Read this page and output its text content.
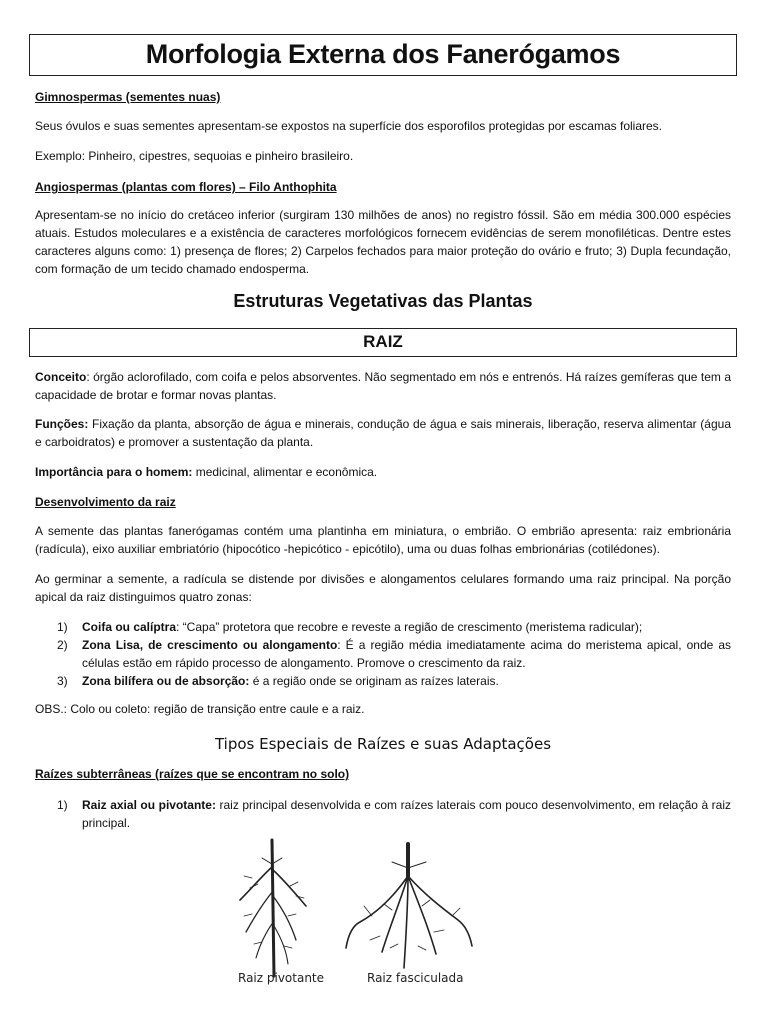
Morfologia Externa dos Fanerógamos

Gimnospermas (sementes nuas)

Seus óvulos e suas sementes apresentam-se expostos na superfície dos esporofilos protegidas por escamas foliares.

Exemplo: Pinheiro, cipestres, sequoias e pinheiro brasileiro.

Angiospermas (plantas com flores) – Filo Anthophita

Apresentam-se no início do cretáceo inferior (surgiram 130 milhões de anos) no registro fóssil. São em média 300.000 espécies atuais. Estudos moleculares e a existência de caracteres morfológicos fornecem evidências de serem monofiléticas. Dentre estes caracteres alguns como: 1) presença de flores; 2) Carpelos fechados para maior proteção do ovário e fruto; 3) Dupla fecundação, com formação de um tecido chamado endosperma.

Estruturas Vegetativas das Plantas
RAIZ

Conceito: órgão aclorofilado, com coifa e pelos absorventes. Não segmentado em nós e entrenós. Há raízes gemíferas que tem a capacidade de brotar e formar novas plantas.

Funções: Fixação da planta, absorção de água e minerais, condução de água e sais minerais, liberação, reserva alimentar (água e carboidratos) e promover a sustentação da planta.

Importância para o homem: medicinal, alimentar e econômica.

Desenvolvimento da raiz

A semente das plantas fanerógamas contém uma plantinha em miniatura, o embrião. O embrião apresenta: raiz embrionária (radícula), eixo auxiliar embriatório (hipocótico -hepicótico - epicótilo), uma ou duas folhas embrionárias (cotilédones).

Ao germinar a semente, a radícula se distende por divisões e alongamentos celulares formando uma raiz principal. Na porção apical da raiz distinguimos quatro zonas:

1) Coifa ou calíptra: “Capa” protetora que recobre e reveste a região de crescimento (meristema radicular);
2) Zona Lisa, de crescimento ou alongamento: É a região média imediatamente acima do meristema apical, onde as células estão em rápido processo de alongamento. Promove o crescimento da raiz.
3) Zona bilífera ou de absorção: é a região onde se originam as raízes laterais.

OBS.: Colo ou coleto: região de transição entre caule e a raiz.

Tipos Especiais de Raízes e suas Adaptações

Raízes subterrâneas (raízes que se encontram no solo)

1) Raiz axial ou pivotante: raiz principal desenvolvida e com raízes laterais com pouco desenvolvimento, em relação à raiz principal.
Raiz pivotante	Raiz fasciculada
